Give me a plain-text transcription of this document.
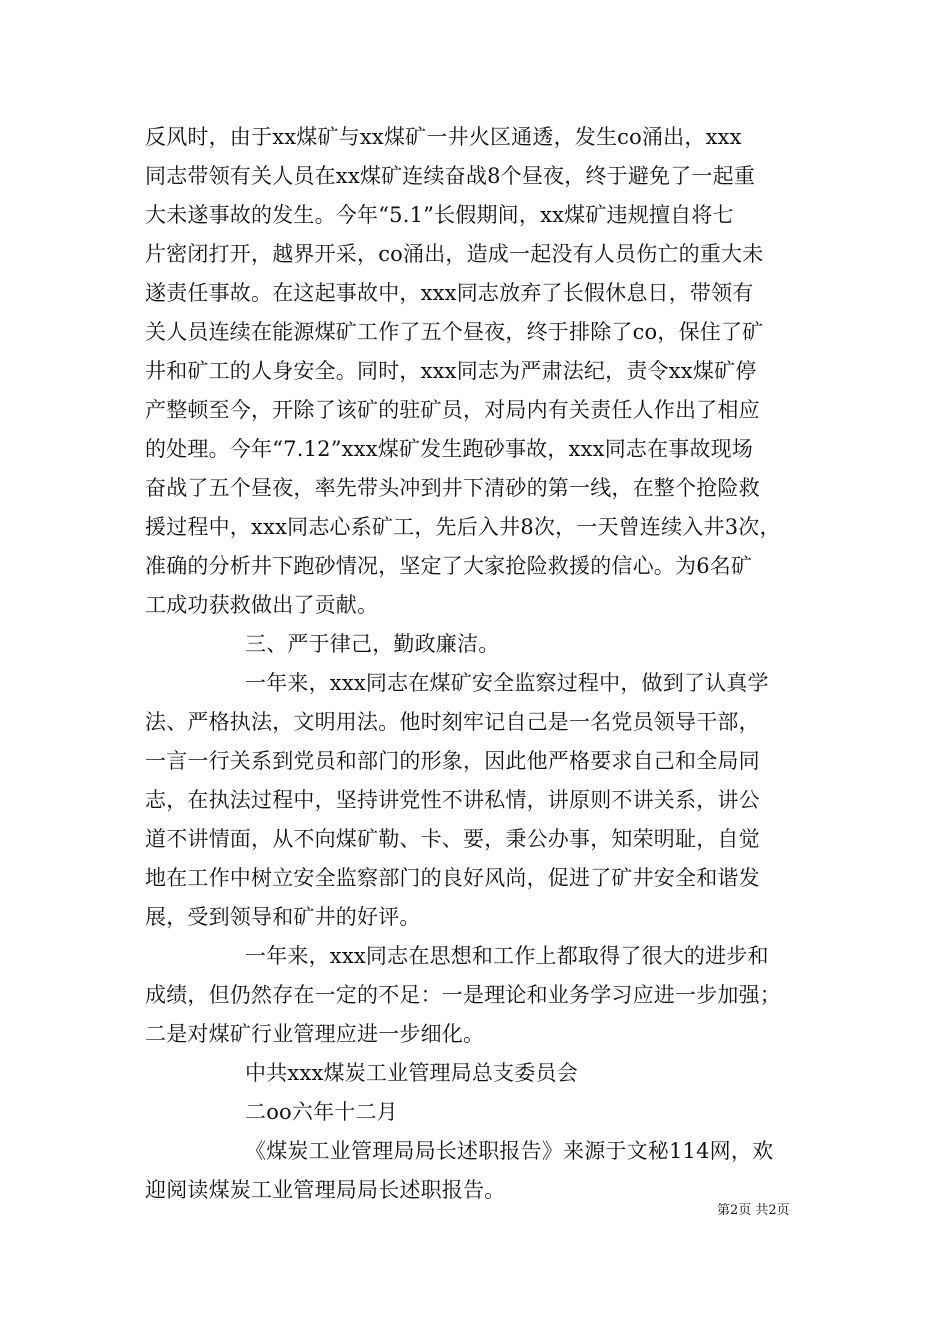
反风时，由于xx煤矿与xx煤矿一井火区通透，发生co涌出，xxx
同志带领有关人员在xx煤矿连续奋战8个昼夜，终于避免了一起重
大未遂事故的发生。今年“5.1”长假期间，xx煤矿违规擅自将七
片密闭打开，越界开采，co涌出，造成一起没有人员伤亡的重大未
遂责任事故。在这起事故中，xxx同志放弃了长假休息日，带领有
关人员连续在能源煤矿工作了五个昼夜，终于排除了co，保住了矿
井和矿工的人身安全。同时，xxx同志为严肃法纪，责令xx煤矿停
产整顿至今，开除了该矿的驻矿员，对局内有关责任人作出了相应
的处理。今年“7.12”xxx煤矿发生跑砂事故，xxx同志在事故现场
奋战了五个昼夜，率先带头冲到井下清砂的第一线，在整个抢险救
援过程中，xxx同志心系矿工，先后入井8次，一天曾连续入井3次，
准确的分析井下跑砂情况，坚定了大家抢险救援的信心。为6名矿
工成功获救做出了贡献。
三、严于律己，勤政廉洁。
一年来，xxx同志在煤矿安全监察过程中，做到了认真学
法、严格执法，文明用法。他时刻牢记自己是一名党员领导干部，
一言一行关系到党员和部门的形象，因此他严格要求自己和全局同
志，在执法过程中，坚持讲党性不讲私情，讲原则不讲关系，讲公
道不讲情面，从不向煤矿勒、卡、要，秉公办事，知荣明耻，自觉
地在工作中树立安全监察部门的良好风尚，促进了矿井安全和谐发
展，受到领导和矿井的好评。
一年来，xxx同志在思想和工作上都取得了很大的进步和
成绩，但仍然存在一定的不足：一是理论和业务学习应进一步加强；
二是对煤矿行业管理应进一步细化。
中共xxx煤炭工业管理局总支委员会
二oo六年十二月
《煤炭工业管理局局长述职报告》来源于文秘114网，欢
迎阅读煤炭工业管理局局长述职报告。
第2页 共2页
